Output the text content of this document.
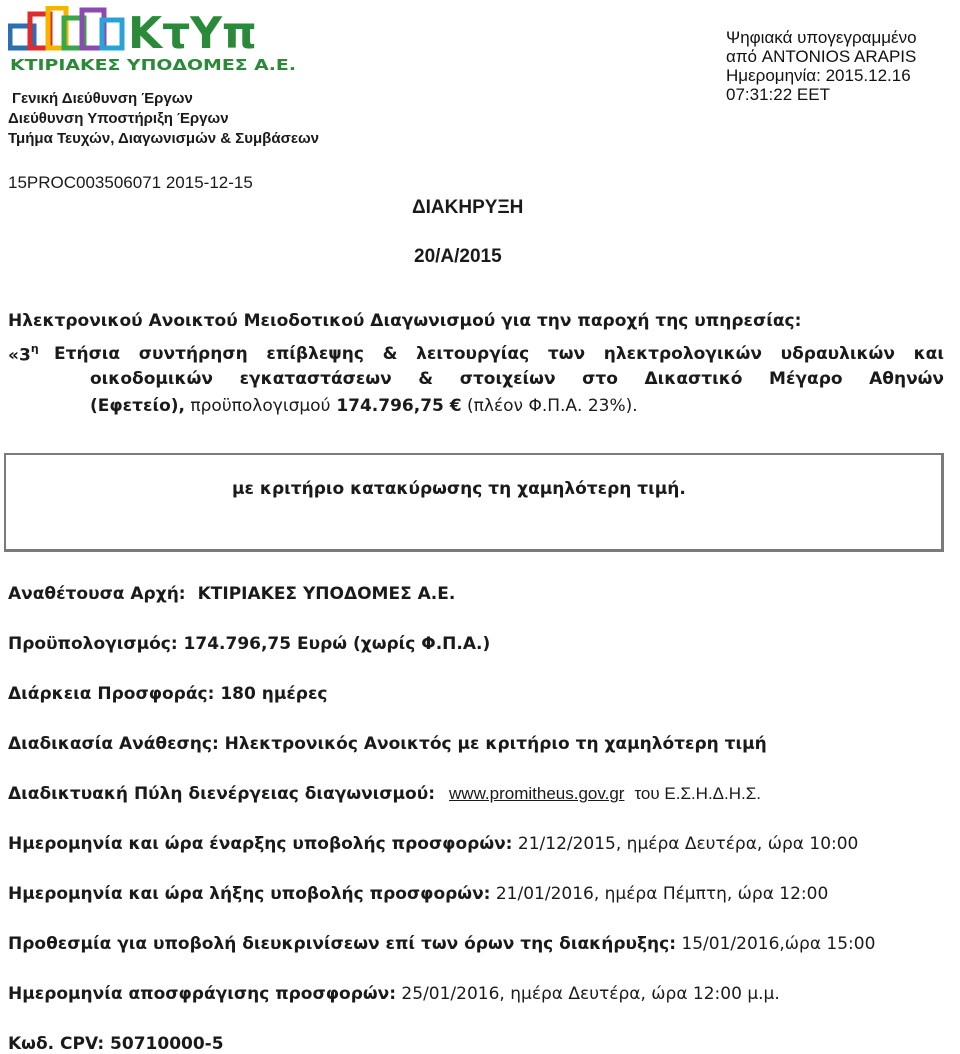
ΚτΥπ
ΚΤΙΡΙΑΚΕΣ ΥΠΟΔΟΜΕΣ Α.Ε.
Γενική Διεύθυνση Έργων
Διεύθυνση Υποστήριξη Έργων
Τμήμα Τευχών, Διαγωνισμών & Συμβάσεων
Ψηφιακά υπογεγραμμένο
από ANTONIOS ARAPIS
Ημερομηνία: 2015.12.16
07:31:22 EET
15PROC003506071 2015-12-15
ΔΙΑΚΗΡΥΞΗ
20/Α/2015
Ηλεκτρονικού Ανοικτού Μειοδοτικού Διαγωνισμού για την παροχή της υπηρεσίας:
«$3^\eta$ Ετήσια συντήρηση επίβλεψης & λειτουργίας των ηλεκτρολογικών υδραυλικών και
οικοδομικών εγκαταστάσεων & στοιχείων στο Δικαστικό Μέγαρο Αθηνών
(Εφετείο), προϋπολογισμού 174.796,75 € (πλέον Φ.Π.Α. 23%).
με κριτήριο κατακύρωσης τη χαμηλότερη τιμή.
Αναθέτουσα Αρχή: ΚΤΙΡΙΑΚΕΣ ΥΠΟΔΟΜΕΣ Α.Ε.
Προϋπολογισμός: 174.796,75 Ευρώ (χωρίς Φ.Π.Α.)
Διάρκεια Προσφοράς: 180 ημέρες
Διαδικασία Ανάθεσης: Ηλεκτρονικός Ανοικτός με κριτήριο τη χαμηλότερη τιμή
Διαδικτυακή Πύλη διενέργειας διαγωνισμού: www.promitheus.gov.gr του Ε.Σ.Η.Δ.Η.Σ.
Ημερομηνία και ώρα έναρξης υποβολής προσφορών: 21/12/2015, ημέρα Δευτέρα, ώρα 10:00
Ημερομηνία και ώρα λήξης υποβολής προσφορών: 21/01/2016, ημέρα Πέμπτη, ώρα 12:00
Προθεσμία για υποβολή διευκρινίσεων επί των όρων της διακήρυξης: 15/01/2016,ώρα 15:00
Ημερομηνία αποσφράγισης προσφορών: 25/01/2016, ημέρα Δευτέρα, ώρα 12:00 μ.μ.
Κωδ. CPV: 50710000-5
